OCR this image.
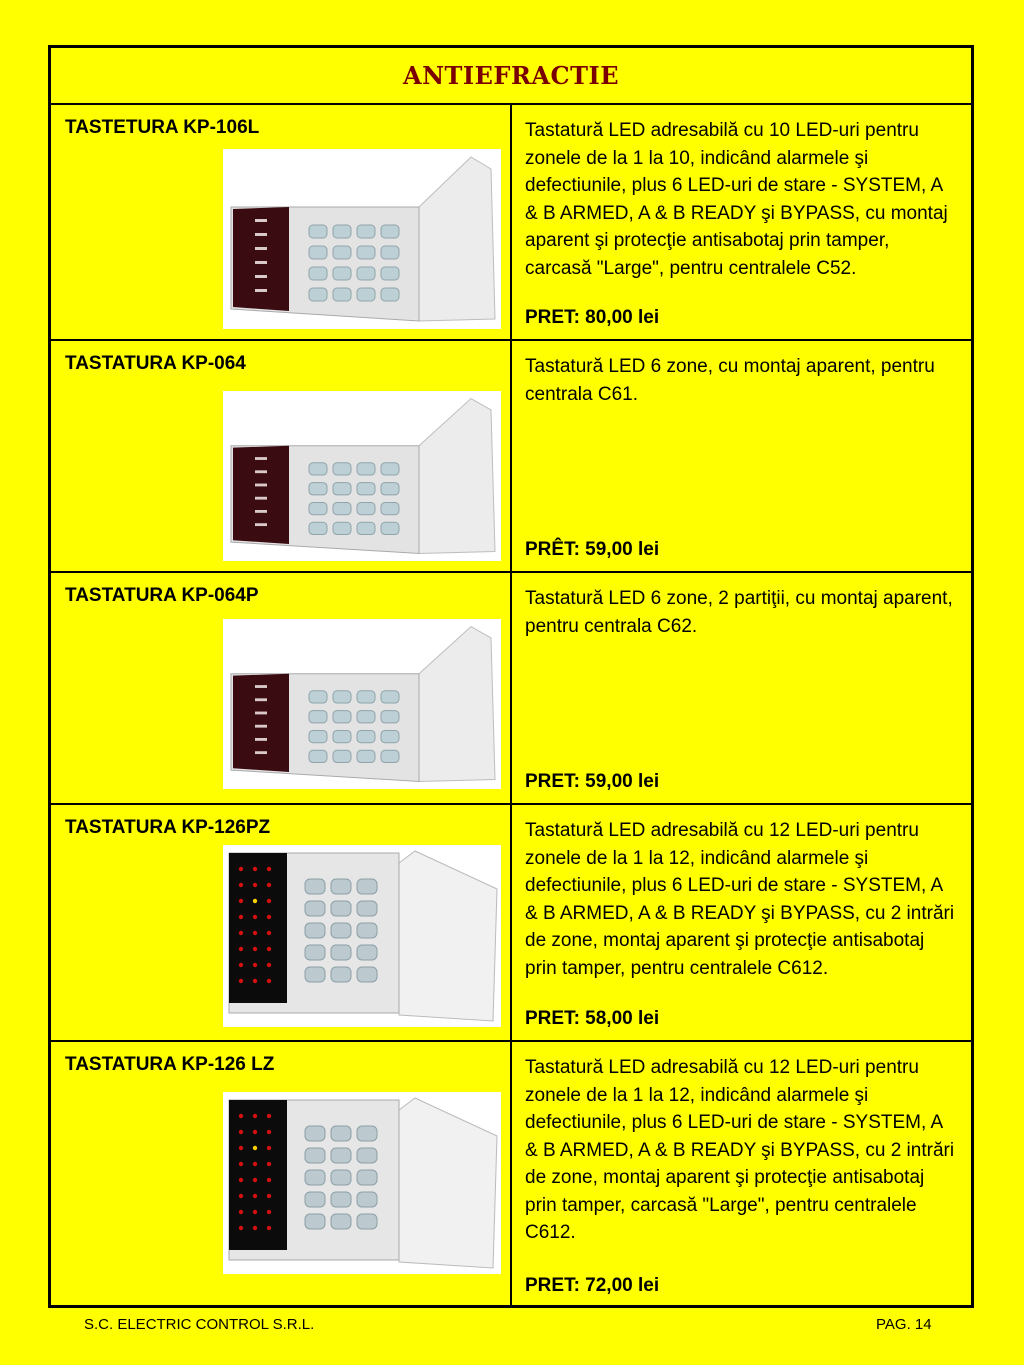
ANTIEFRACTIE
TASTETURA KP-106L	Tastatură LED adresabilă cu 10 LED-uri pentru zonele de la 1 la 10, indicând alarmele şi defectiunile, plus 6 LED-uri de stare - SYSTEM, A & B ARMED, A & B READY şi BYPASS, cu montaj aparent şi protecţie antisabotaj prin tamper, carcasă "Large", pentru centralele C52.
PRET: 80,00 lei
TASTATURA KP-064	Tastatură LED 6 zone, cu montaj aparent, pentru centrala C61.
PRÊT: 59,00 lei
TASTATURA KP-064P	Tastatură LED 6 zone, 2 partiţii, cu montaj aparent, pentru centrala C62.
PRET: 59,00 lei
TASTATURA KP-126PZ	Tastatură LED adresabilă cu 12 LED-uri pentru zonele de la 1 la 12, indicând alarmele şi defectiunile, plus 6 LED-uri de stare - SYSTEM, A & B ARMED, A & B READY şi BYPASS, cu 2 intrări de zone, montaj aparent şi protecţie antisabotaj prin tamper, pentru centralele C612.
PRET: 58,00 lei
TASTATURA KP-126 LZ	Tastatură LED adresabilă cu 12 LED-uri pentru zonele de la 1 la 12, indicând alarmele şi defectiunile, plus 6 LED-uri de stare - SYSTEM, A & B ARMED, A & B READY şi BYPASS, cu 2 intrări de zone, montaj aparent şi protecţie antisabotaj prin tamper, carcasă "Large", pentru centralele C612.
PRET: 72,00 lei
S.C. ELECTRIC CONTROL S.R.L.	PAG. 14
